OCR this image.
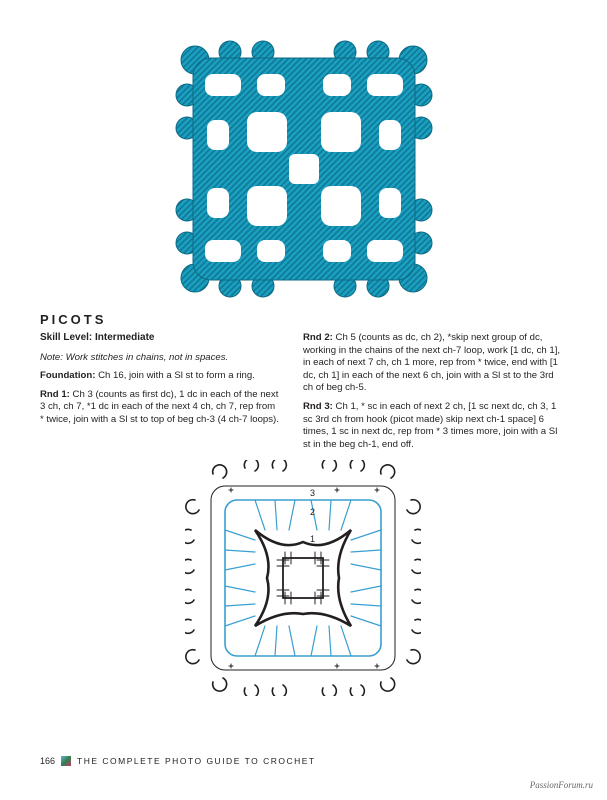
PICOTS
Skill Level: Intermediate
Note: Work stitches in chains, not in spaces.
Foundation: Ch 16, join with a Sl st to form a ring.
Rnd 1: Ch 3 (counts as first dc), 1 dc in each of the next 3 ch, ch 7, *1 dc in each of the next 4 ch, ch 7, rep from * twice, join with a Sl st to top of beg ch-3 (4 ch-7 loops).
Rnd 2: Ch 5 (counts as dc, ch 2), *skip next group of dc, working in the chains of the next ch-7 loop, work [1 dc, ch 1], in each of next 7 ch, ch 1 more, rep from * twice, end with [1 dc, ch 1] in each of the next 6 ch, join with a Sl st to the 3rd ch of beg ch-5.
Rnd 3: Ch 1, * sc in each of next 2 ch, [1 sc next dc, ch 3, 1 sc 3rd ch from hook (picot made) skip next ch-1 space] 6 times, 1 sc in next dc, rep from * 3 times more, join with a Sl st in the beg ch-1, end off.
3
2
1
166	THE COMPLETE PHOTO GUIDE TO CROCHET
PassionForum.ru
